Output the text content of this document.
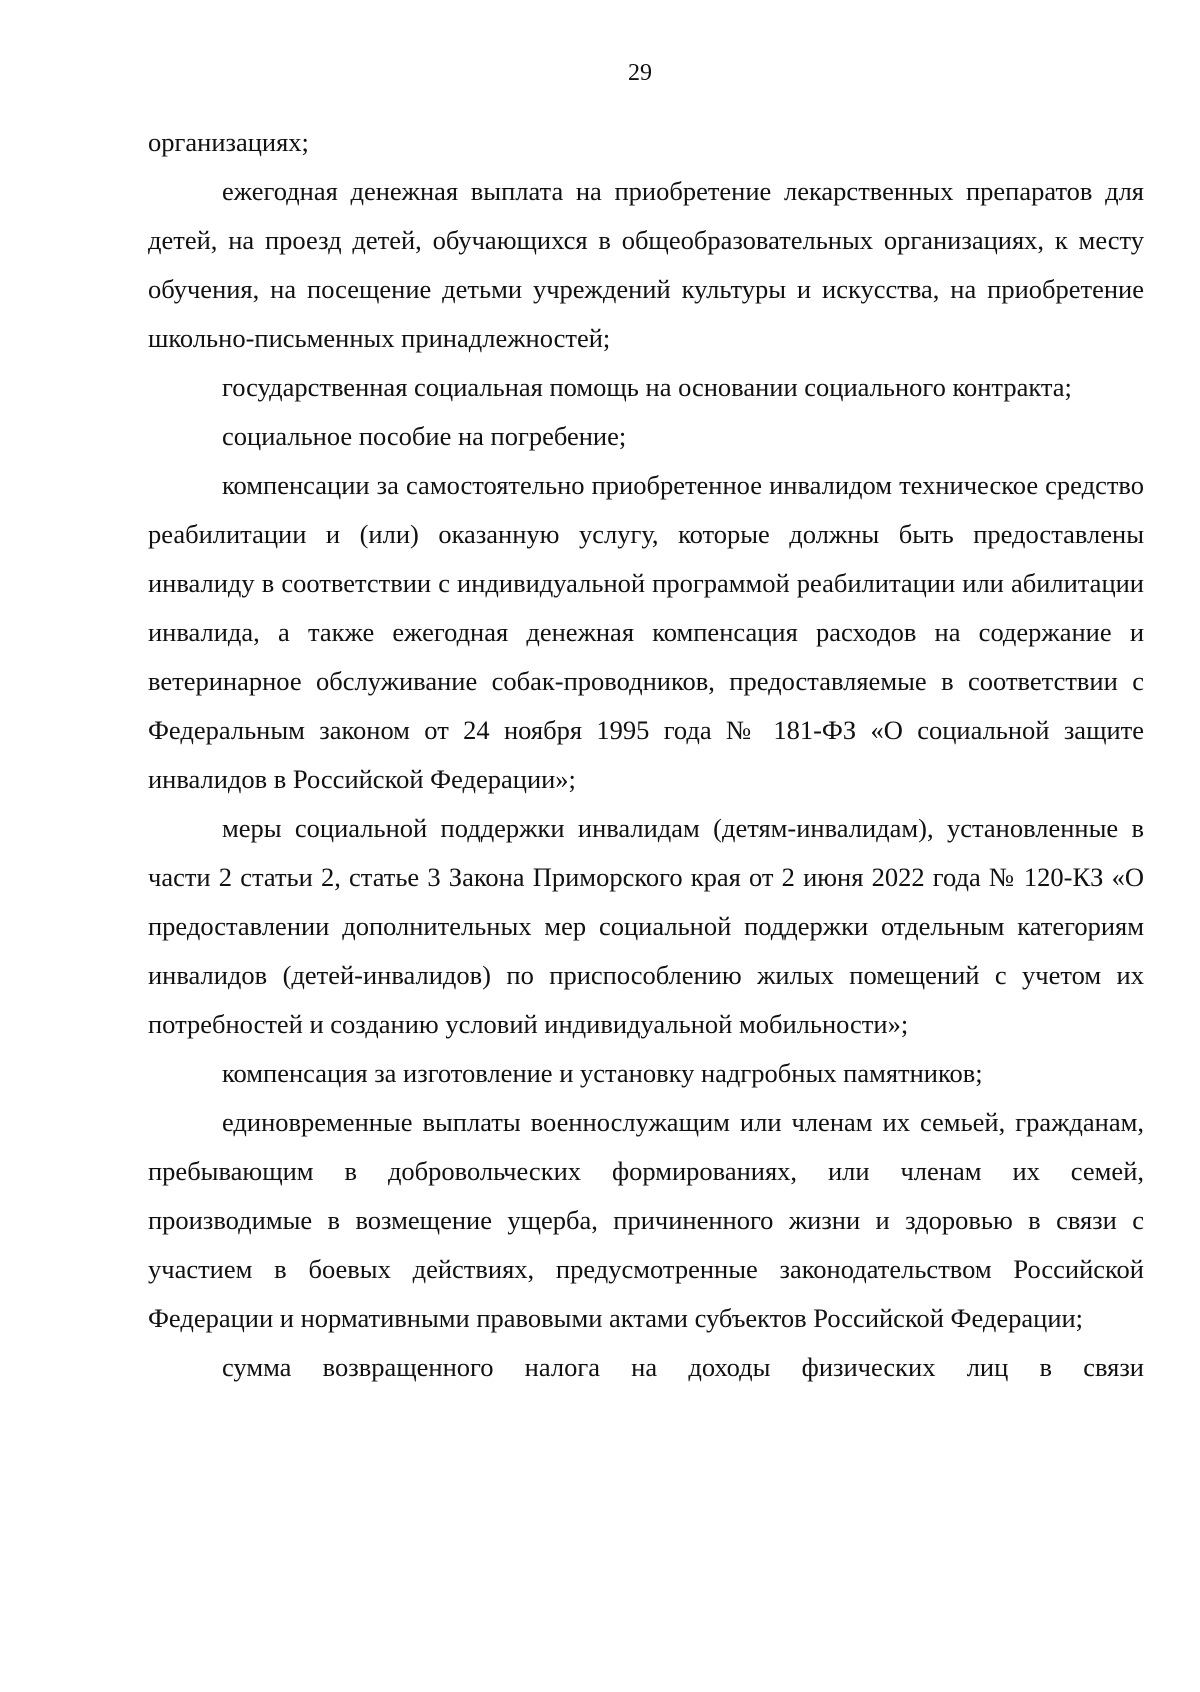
29

организациях;

ежегодная денежная выплата на приобретение лекарственных препаратов для детей, на проезд детей, обучающихся в общеобразовательных организациях, к месту обучения, на посещение детьми учреждений культуры и искусства, на приобретение школьно-письменных принадлежностей;

государственная социальная помощь на основании социального контракта;

социальное пособие на погребение;

компенсации за самостоятельно приобретенное инвалидом техническое средство реабилитации и (или) оказанную услугу, которые должны быть предоставлены инвалиду в соответствии с индивидуальной программой реабилитации или абилитации инвалида, а также ежегодная денежная компенсация расходов на содержание и ветеринарное обслуживание собак-проводников, предоставляемые в соответствии с Федеральным законом от 24 ноября 1995 года № 181-ФЗ «О социальной защите инвалидов в Российской Федерации»;

меры социальной поддержки инвалидам (детям-инвалидам), установленные в части 2 статьи 2, статье 3 Закона Приморского края от 2 июня 2022 года № 120-КЗ «О предоставлении дополнительных мер социальной поддержки отдельным категориям инвалидов (детей-инвалидов) по приспособлению жилых помещений с учетом их потребностей и созданию условий индивидуальной мобильности»;

компенсация за изготовление и установку надгробных памятников;

единовременные выплаты военнослужащим или членам их семьей, гражданам, пребывающим в добровольческих формированиях, или членам их семей, производимые в возмещение ущерба, причиненного жизни и здоровью в связи с участием в боевых действиях, предусмотренные законодательством Российской Федерации и нормативными правовыми актами субъектов Российской Федерации;

сумма возвращенного налога на доходы физических лиц в связи
